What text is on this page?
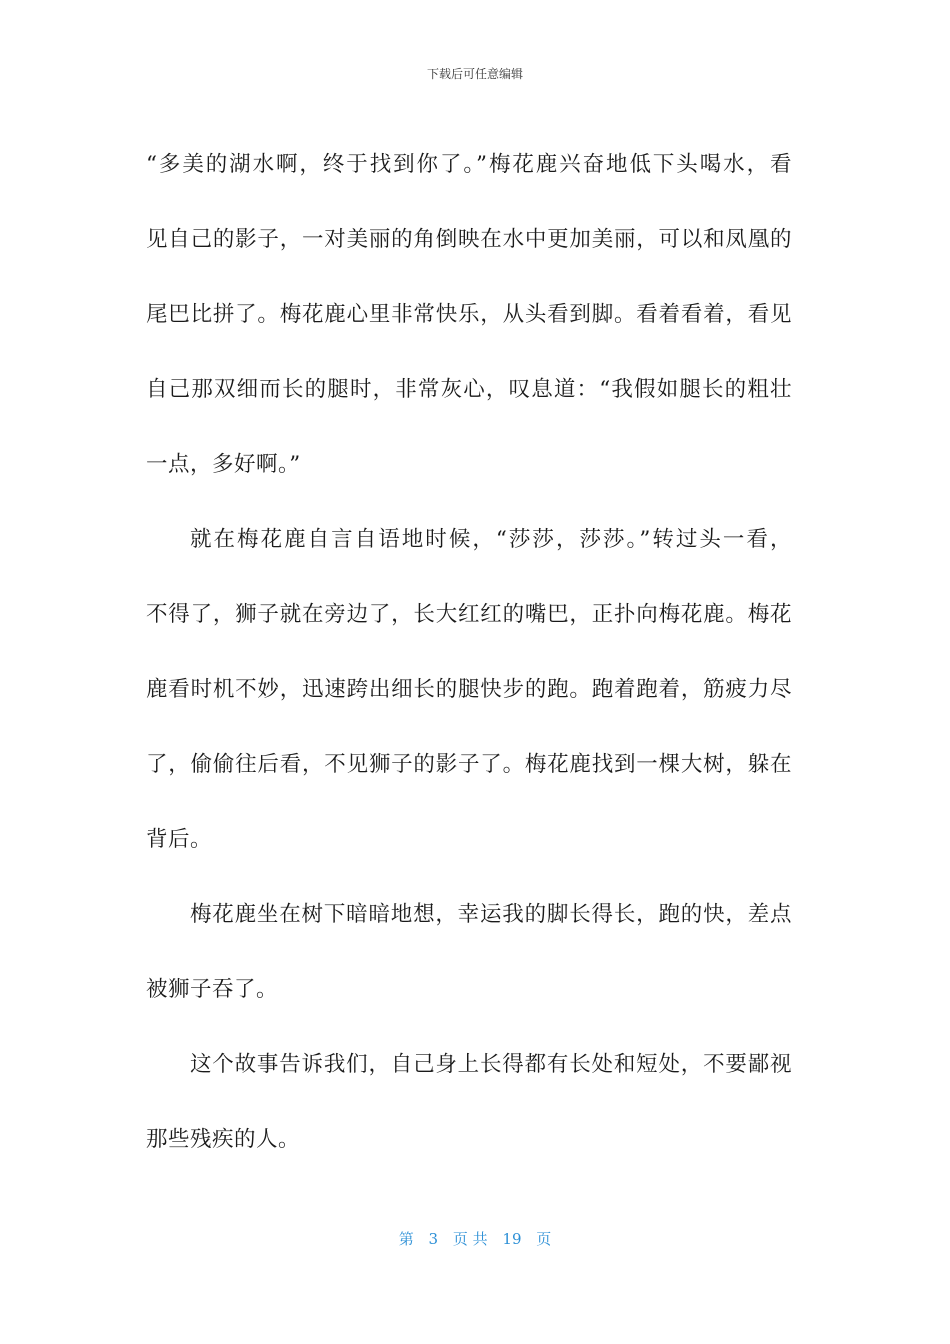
下载后可任意编辑

“多美的湖水啊，终于找到你了。”梅花鹿兴奋地低下头喝水，看
见自己的影子，一对美丽的角倒映在水中更加美丽，可以和凤凰的
尾巴比拼了。梅花鹿心里非常快乐，从头看到脚。看着看着，看见
自己那双细而长的腿时，非常灰心，叹息道：“我假如腿长的粗壮
一点，多好啊。”

就在梅花鹿自言自语地时候，“莎莎，莎莎。”转过头一看，
不得了，狮子就在旁边了，长大红红的嘴巴，正扑向梅花鹿。梅花
鹿看时机不妙，迅速跨出细长的腿快步的跑。跑着跑着，筋疲力尽
了，偷偷往后看，不见狮子的影子了。梅花鹿找到一棵大树，躲在
背后。

梅花鹿坐在树下暗暗地想，幸运我的脚长得长，跑的快，差点
被狮子吞了。

这个故事告诉我们，自己身上长得都有长处和短处，不要鄙视
那些残疾的人。

第 3 页 共 19 页
